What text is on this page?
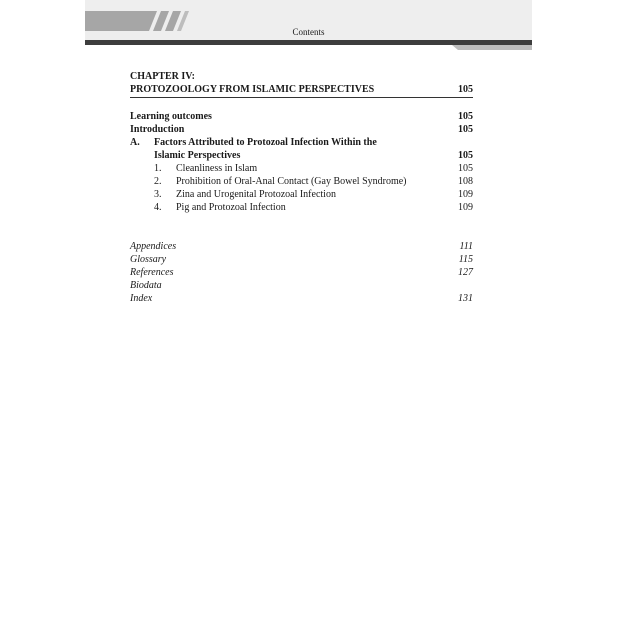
Contents
CHAPTER IV:
PROTOZOOLOGY FROM ISLAMIC PERSPECTIVES	105
Learning outcomes	105
Introduction	105
A. Factors Attributed to Protozoal Infection Within the
Islamic Perspectives	105
1. Cleanliness in Islam	105
2. Prohibition of Oral-Anal Contact (Gay Bowel Syndrome)	108
3. Zina and Urogenital Protozoal Infection	109
4. Pig and Protozoal Infection	109
Appendices	111
Glossary	115
References	127
Biodata
Index	131
